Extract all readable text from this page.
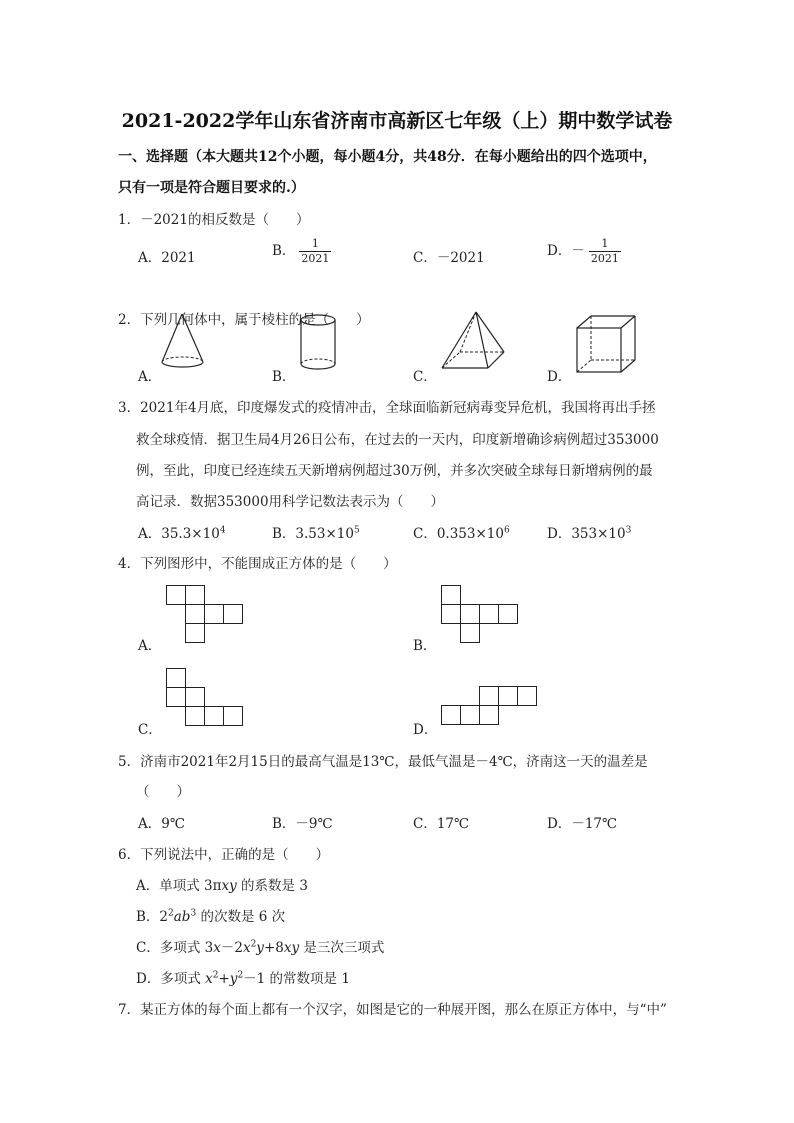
2021-2022学年山东省济南市高新区七年级（上）期中数学试卷
一、选择题（本大题共12个小题，每小题4分，共48分．在每小题给出的四个选项中，
只有一项是符合题目要求的.）
1．－2021的相反数是（　　）
A．2021	B． $\frac{1}{2021}$	C．－2021	D．－ $\frac{1}{2021}$
2．下列几何体中，属于棱柱的是（　　）
A．	B．	C．	D．
3．2021年4月底，印度爆发式的疫情冲击，全球面临新冠病毒变异危机，我国将再出手拯
救全球疫情．据卫生局4月26日公布，在过去的一天内，印度新增确诊病例超过353000
例，至此，印度已经连续五天新增病例超过30万例，并多次突破全球每日新增病例的最
高记录．数据353000用科学记数法表示为（　　）
A．$35.3\times 10^4$	B．$3.53\times 10^5$	C．$0.353\times 10^6$	D．$353\times 10^3$
4．下列图形中，不能围成正方体的是（　　）
A．	B．
C．	D．
5．济南市2021年2月15日的最高气温是13℃，最低气温是－4℃，济南这一天的温差是
（　　）
A．9℃	B．－9℃	C．17℃	D．－17℃
6．下列说法中，正确的是（　　）
A．单项式 3πxy 的系数是 3
B．$2^2ab^3$ 的次数是 6 次
C．多项式 $3x-2x^2y+8xy$ 是三次三项式
D．多项式 $x^2+y^2-1$ 的常数项是 1
7．某正方体的每个面上都有一个汉字，如图是它的一种展开图，那么在原正方体中，与“中”
